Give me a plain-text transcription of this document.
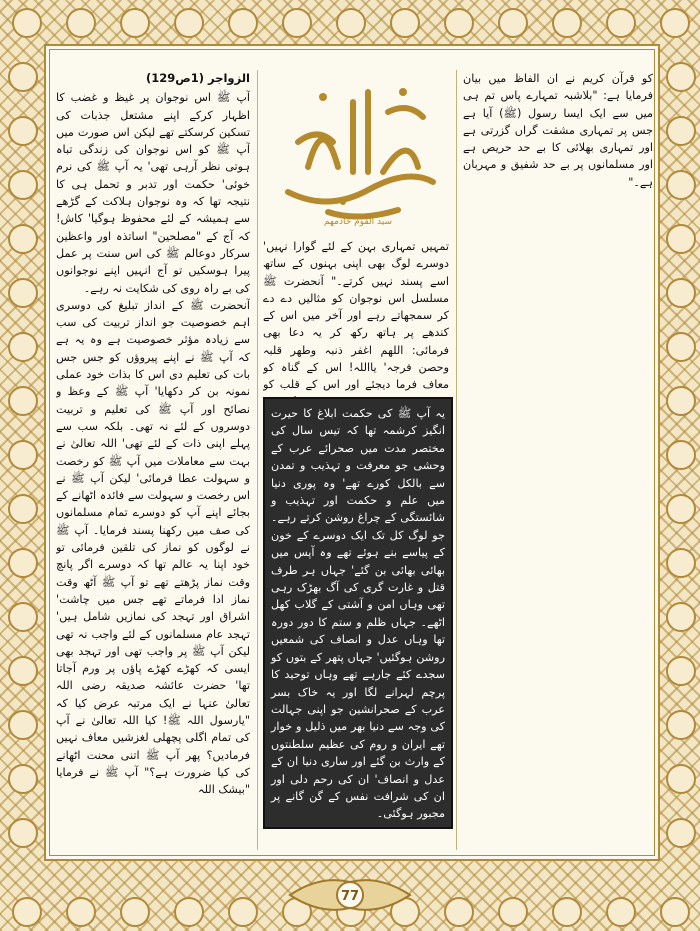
سید القوم خادمھم

کو قرآن کریم نے ان الفاظ میں بیان فرمایا ہے: "بلاشبہ تمہارے پاس تم ہی میں سے ایک ایسا رسول (ﷺ) آیا ہے جس پر تمہاری مشقت گراں گزرتی ہے اور تمہاری بھلائی کا بے حد حریص ہے اور مسلمانوں پر بے حد شفیق و مہربان ہے۔"

تمہیں تمہاری بہن کے لئے گوارا نہیں' دوسرے لوگ بھی اپنی بہنوں کے ساتھ اسے پسند نہیں کرتے۔" آنحضرت ﷺ مسلسل اس نوجوان کو مثالیں دے دے کر سمجھاتے رہے اور آخر میں اس کے کندھے پر ہاتھ رکھ کر یہ دعا بھی فرمائی: اللھم اغفر ذنبہ وطھر قلبہ وحصن فرجہ' یااللہ! اس کے گناہ کو معاف فرما دیجئے اور اس کے قلب کو

یہ آپ ﷺ کی حکمت ابلاغ کا حیرت انگیز کرشمہ تھا کہ تیس سال کی مختصر مدت میں صحرائے عرب کے وحشی جو معرفت و تہذیب و تمدن سے بالکل کورے تھے' وہ پوری دنیا میں علم و حکمت اور تہذیب و شائستگی کے چراغ روشن کرتے رہے۔ جو لوگ کل تک ایک دوسرے کے خون کے پیاسے بنے ہوئے تھے وہ آپس میں بھائی بھائی بن گئے' جہاں ہر طرف قتل و غارت گری کی آگ بھڑک رہی تھی وہاں امن و آشتی کے گلاب کھل اٹھے۔ جہاں ظلم و ستم کا دور دورہ تھا وہاں عدل و انصاف کی شمعیں روشن ہوگئیں' جہاں پتھر کے بتوں کو سجدے کئے جارہے تھے وہاں توحید کا پرچم لہرانے لگا اور یہ خاک بسر عرب کے صحرانشین جو اپنی جہالت کی وجہ سے دنیا بھر میں ذلیل و خوار تھے ایران و روم کی عظیم سلطنتوں کے وارث بن گئے اور ساری دنیا ان کے عدل و انصاف' ان کی رحم دلی اور ان کی شرافت نفس کے گن گانے پر مجبور ہوگئی۔
الزواجر (1ص129)

آپ ﷺ اس نوجوان پر غیظ و غضب کا اظہار کرکے اپنے مشتعل جذبات کی تسکین کرسکتے تھے لیکن اس صورت میں آپ ﷺ کو اس نوجوان کی زندگی تباہ ہوتی نظر آرہی تھی' یہ آپ ﷺ کی نرم خوئی' حکمت اور تدبر و تحمل ہی کا نتیجہ تھا کہ وہ نوجوان ہلاکت کے گڑھے سے ہمیشہ کے لئے محفوظ ہوگیا' کاش! کہ آج کے "مصلحین" اساتذہ اور واعظین سرکار دوعالم ﷺ کی اس سنت پر عمل پیرا ہوسکیں تو آج انہیں اپنے نوجوانوں کی بے راہ روی کی شکایت نہ رہے۔

آنحضرت ﷺ کے انداز تبلیغ کی دوسری اہم خصوصیت جو انداز تربیت کی سب سے زیادہ مؤثر خصوصیت ہے وہ یہ ہے کہ آپ ﷺ نے اپنے پیروؤں کو جس جس بات کی تعلیم دی اس کا بذات خود عملی نمونہ بن کر دکھایا' آپ ﷺ کے وعظ و نصائح اور آپ ﷺ کی تعلیم و تربیت دوسروں کے لئے نہ تھی۔ بلکہ سب سے پہلے اپنی ذات کے لئے تھی' اللہ تعالیٰ نے بہت سے معاملات میں آپ ﷺ کو رخصت و سہولت عطا فرمائی' لیکن آپ ﷺ نے اس رخصت و سہولت سے فائدہ اٹھانے کے بجائے اپنے آپ کو دوسرے تمام مسلمانوں کی صف میں رکھنا پسند فرمایا۔ آپ ﷺ نے لوگوں کو نماز کی تلقین فرمائی تو خود اپنا یہ عالم تھا کہ دوسرے اگر پانچ وقت نماز پڑھتے تھے تو آپ ﷺ آٹھ وقت نماز ادا فرماتے تھے جس میں چاشت' اشراق اور تہجد کی نمازیں شامل ہیں' تہجد عام مسلمانوں کے لئے واجب نہ تھی لیکن آپ ﷺ پر واجب تھی اور تہجد بھی ایسی کہ کھڑے کھڑے پاؤں پر ورم آجاتا تھا' حضرت عائشہ صدیقہ رضی اللہ تعالیٰ عنہا نے ایک مرتبہ عرض کیا کہ "یارسول اللہ ﷺ! کیا اللہ تعالیٰ نے آپ کی تمام اگلی پچھلی لغزشیں معاف نہیں فرمادیں؟ پھر آپ ﷺ اتنی محنت اٹھانے کی کیا ضرورت ہے؟" آپ ﷺ نے فرمایا "بیشک اللہ

77
